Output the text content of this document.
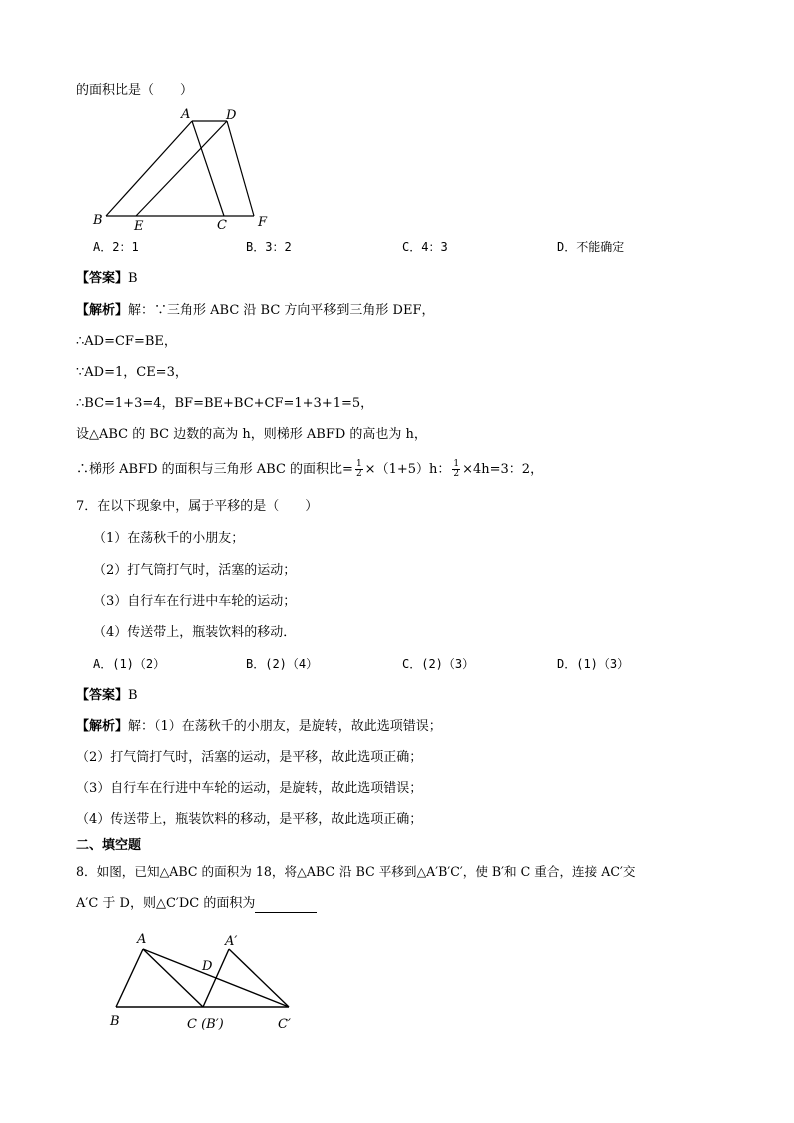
的面积比是（　　）
A	D
B E	C F
A．2：1	B．3：2	C．4：3	D．不能确定
【答案】B
【解析】解：∵三角形 ABC 沿 BC 方向平移到三角形 DEF，
∴AD=CF=BE，
∵AD=1，CE=3，
∴BC=1+3=4，BF=BE+BC+CF=1+3+1=5，
设△ABC 的 BC 边数的高为 h，则梯形 ABFD 的高也为 h，
∴梯形 ABFD 的面积与三角形 ABC 的面积比= $\frac{1}{2} \times(1+5)h$： $\frac{1}{2} \times 4h=3$：2，
7．在以下现象中，属于平移的是（　　）
（1）在荡秋千的小朋友；
（2）打气筒打气时，活塞的运动；
（3）自行车在行进中车轮的运动；
（4）传送带上，瓶装饮料的移动．
A．(1)（2）	B．(2)（4）	C．(2)（3）	D．(1)（3）
【答案】B
【解析】解：（1）在荡秋千的小朋友，是旋转，故此选项错误；
（2）打气筒打气时，活塞的运动，是平移，故此选项正确；
（3）自行车在行进中车轮的运动，是旋转，故此选项错误；
（4）传送带上，瓶装饮料的移动，是平移，故此选项正确；
二、填空题
8．如图，已知△ABC 的面积为 18，将△ABC 沿 BC 平移到△A′B′C′，使 B′和 C 重合，连接 AC′交
A′C 于 D，则△C′DC 的面积为
A	A′
D
B	C (B′)	C′
